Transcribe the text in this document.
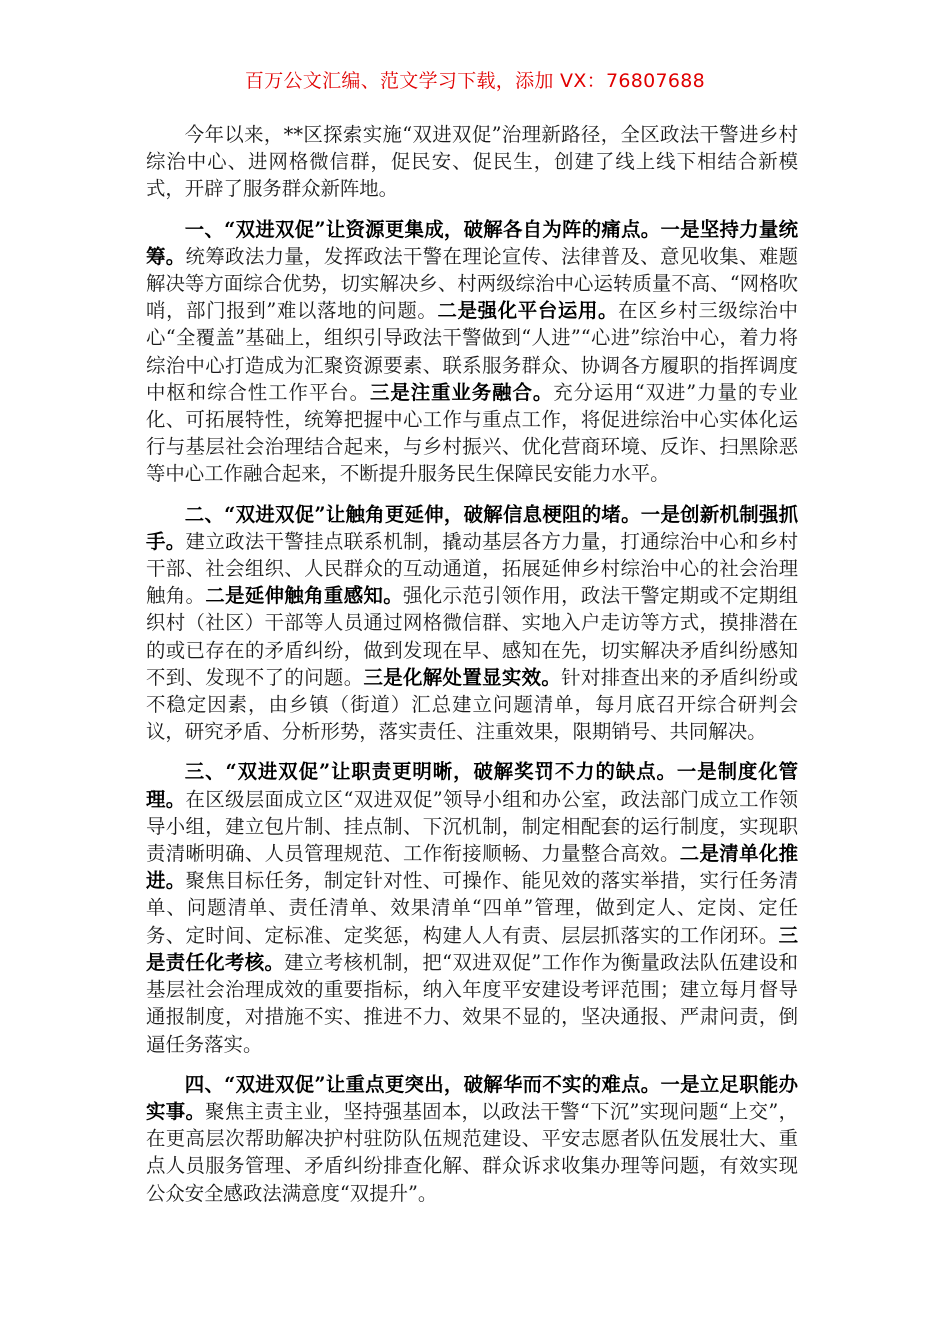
百万公文汇编、范文学习下载，添加 VX：76807688

今年以来，**区探索实施“双进双促”治理新路径，全区政法干警进乡村综治中心、进网格微信群，促民安、促民生，创建了线上线下相结合新模式，开辟了服务群众新阵地。

一、“双进双促”让资源更集成，破解各自为阵的痛点。一是坚持力量统筹。统筹政法力量，发挥政法干警在理论宣传、法律普及、意见收集、难题解决等方面综合优势，切实解决乡、村两级综治中心运转质量不高、“网格吹哨，部门报到”难以落地的问题。二是强化平台运用。在区乡村三级综治中心“全覆盖”基础上，组织引导政法干警做到“人进”“心进”综治中心，着力将综治中心打造成为汇聚资源要素、联系服务群众、协调各方履职的指挥调度中枢和综合性工作平台。三是注重业务融合。充分运用“双进”力量的专业化、可拓展特性，统筹把握中心工作与重点工作，将促进综治中心实体化运行与基层社会治理结合起来，与乡村振兴、优化营商环境、反诈、扫黑除恶等中心工作融合起来，不断提升服务民生保障民安能力水平。

二、“双进双促”让触角更延伸，破解信息梗阻的堵。一是创新机制强抓手。建立政法干警挂点联系机制，撬动基层各方力量，打通综治中心和乡村干部、社会组织、人民群众的互动通道，拓展延伸乡村综治中心的社会治理触角。二是延伸触角重感知。强化示范引领作用，政法干警定期或不定期组织村（社区）干部等人员通过网格微信群、实地入户走访等方式，摸排潜在的或已存在的矛盾纠纷，做到发现在早、感知在先，切实解决矛盾纠纷感知不到、发现不了的问题。三是化解处置显实效。针对排查出来的矛盾纠纷或不稳定因素，由乡镇（街道）汇总建立问题清单，每月底召开综合研判会议，研究矛盾、分析形势，落实责任、注重效果，限期销号、共同解决。

三、“双进双促”让职责更明晰，破解奖罚不力的缺点。一是制度化管理。在区级层面成立区“双进双促”领导小组和办公室，政法部门成立工作领导小组，建立包片制、挂点制、下沉机制，制定相配套的运行制度，实现职责清晰明确、人员管理规范、工作衔接顺畅、力量整合高效。二是清单化推进。聚焦目标任务，制定针对性、可操作、能见效的落实举措，实行任务清单、问题清单、责任清单、效果清单“四单”管理，做到定人、定岗、定任务、定时间、定标准、定奖惩，构建人人有责、层层抓落实的工作闭环。三是责任化考核。建立考核机制，把“双进双促”工作作为衡量政法队伍建设和基层社会治理成效的重要指标，纳入年度平安建设考评范围；建立每月督导通报制度，对措施不实、推进不力、效果不显的，坚决通报、严肃问责，倒逼任务落实。

四、“双进双促”让重点更突出，破解华而不实的难点。一是立足职能办实事。聚焦主责主业，坚持强基固本，以政法干警“下沉”实现问题“上交”，在更高层次帮助解决护村驻防队伍规范建设、平安志愿者队伍发展壮大、重点人员服务管理、矛盾纠纷排查化解、群众诉求收集办理等问题，有效实现公众安全感政法满意度“双提升”。
